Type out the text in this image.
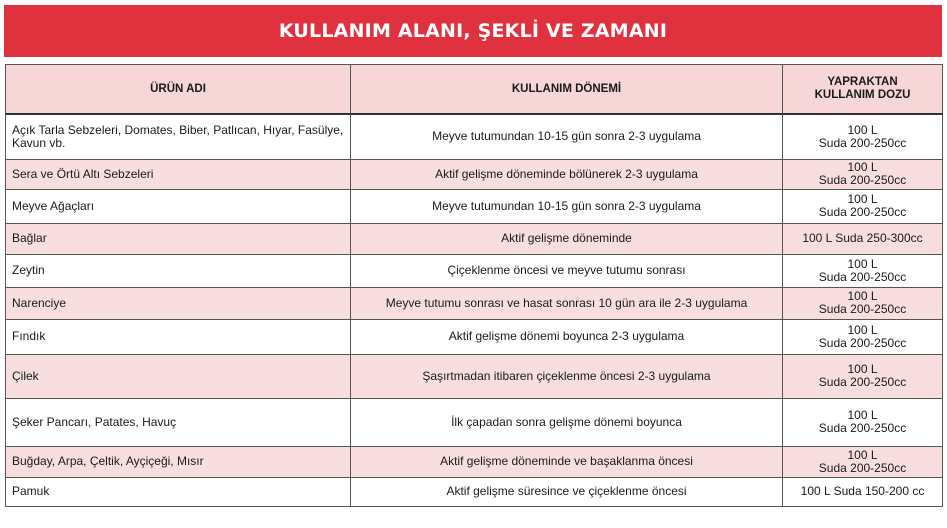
KULLANIM ALANI, ŞEKLİ VE ZAMANI
ÜRÜN ADI	KULLANIM DÖNEMİ	YAPRAKTAN
KULLANIM DOZU

Açık Tarla Sebzeleri, Domates, Biber, Patlıcan, Hıyar, Fasülye, Kavun vb.	Meyve tutumundan 10-15 gün sonra 2-3 uygulama	100 L
Suda 200-250cc

Sera ve Örtü Altı Sebzeleri	Aktif gelişme döneminde bölünerek 2-3 uygulama	100 L
Suda 200-250cc

Meyve Ağaçları	Meyve tutumundan 10-15 gün sonra 2-3 uygulama	100 L
Suda 200-250cc

Bağlar	Aktif gelişme döneminde	100 L Suda 250-300cc

Zeytin	Çiçeklenme öncesi ve meyve tutumu sonrası	100 L
Suda 200-250cc

Narenciye	Meyve tutumu sonrası ve hasat sonrası 10 gün ara ile 2-3 uygulama	100 L
Suda 200-250cc

Fındık	Aktif gelişme dönemi boyunca 2-3 uygulama	100 L
Suda 200-250cc

Çilek	Şaşırtmadan itibaren çiçeklenme öncesi 2-3 uygulama	100 L
Suda 200-250cc

Şeker Pancarı, Patates, Havuç	İlk çapadan sonra gelişme dönemi boyunca	100 L
Suda 200-250cc

Buğday, Arpa, Çeltik, Ayçiçeği, Mısır	Aktif gelişme döneminde ve başaklanma öncesi	100 L
Suda 200-250cc

Pamuk	Aktif gelişme süresince ve çiçeklenme öncesi	100 L Suda 150-200 cc
